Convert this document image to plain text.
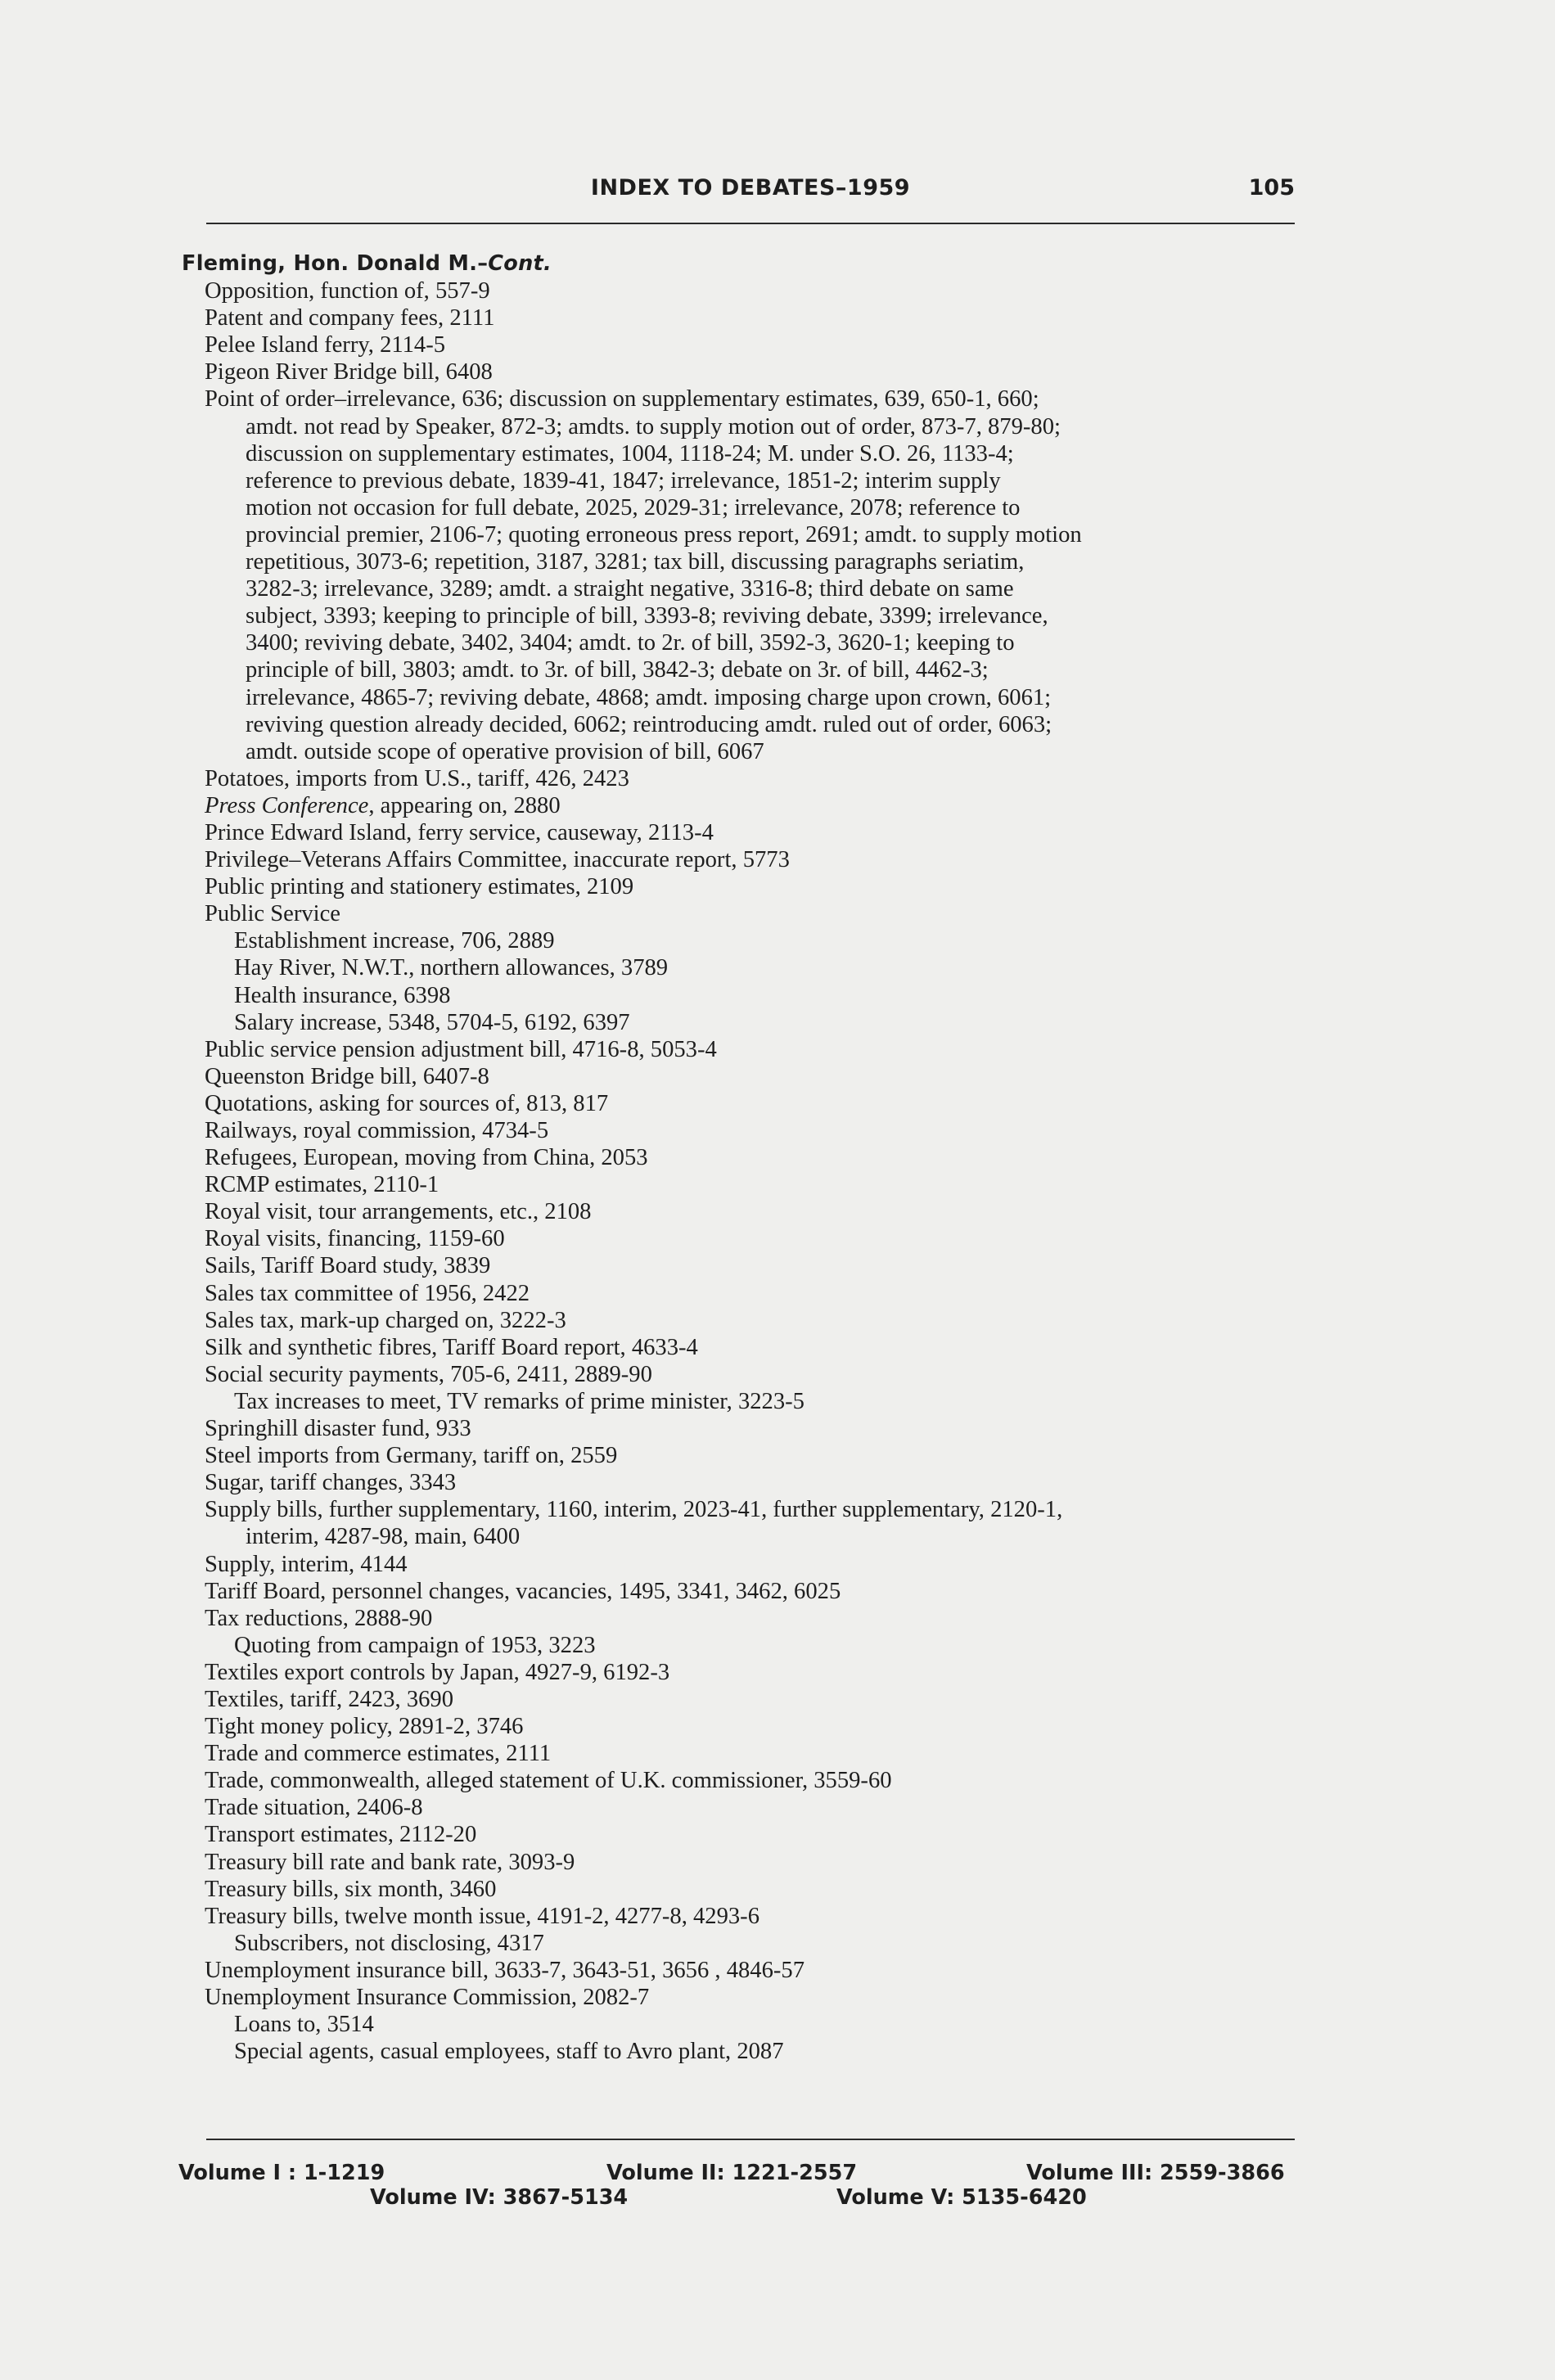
INDEX TO DEBATES–1959	105
Fleming, Hon. Donald M.–Cont.
Opposition, function of, 557-9
Patent and company fees, 2111
Pelee Island ferry, 2114-5
Pigeon River Bridge bill, 6408
Point of order–irrelevance, 636; discussion on supplementary estimates, 639, 650-1, 660;
amdt. not read by Speaker, 872-3; amdts. to supply motion out of order, 873-7, 879-80;
discussion on supplementary estimates, 1004, 1118-24; M. under S.O. 26, 1133-4;
reference to previous debate, 1839-41, 1847; irrelevance, 1851-2; interim supply
motion not occasion for full debate, 2025, 2029-31; irrelevance, 2078; reference to
provincial premier, 2106-7; quoting erroneous press report, 2691; amdt. to supply motion
repetitious, 3073-6; repetition, 3187, 3281; tax bill, discussing paragraphs seriatim,
3282-3; irrelevance, 3289; amdt. a straight negative, 3316-8; third debate on same
subject, 3393; keeping to principle of bill, 3393-8; reviving debate, 3399; irrelevance,
3400; reviving debate, 3402, 3404; amdt. to 2r. of bill, 3592-3, 3620-1; keeping to
principle of bill, 3803; amdt. to 3r. of bill, 3842-3; debate on 3r. of bill, 4462-3;
irrelevance, 4865-7; reviving debate, 4868; amdt. imposing charge upon crown, 6061;
reviving question already decided, 6062; reintroducing amdt. ruled out of order, 6063;
amdt. outside scope of operative provision of bill, 6067
Potatoes, imports from U.S., tariff, 426, 2423
Press Conference, appearing on, 2880
Prince Edward Island, ferry service, causeway, 2113-4
Privilege–Veterans Affairs Committee, inaccurate report, 5773
Public printing and stationery estimates, 2109
Public Service
Establishment increase, 706, 2889
Hay River, N.W.T., northern allowances, 3789
Health insurance, 6398
Salary increase, 5348, 5704-5, 6192, 6397
Public service pension adjustment bill, 4716-8, 5053-4
Queenston Bridge bill, 6407-8
Quotations, asking for sources of, 813, 817
Railways, royal commission, 4734-5
Refugees, European, moving from China, 2053
RCMP estimates, 2110-1
Royal visit, tour arrangements, etc., 2108
Royal visits, financing, 1159-60
Sails, Tariff Board study, 3839
Sales tax committee of 1956, 2422
Sales tax, mark-up charged on, 3222-3
Silk and synthetic fibres, Tariff Board report, 4633-4
Social security payments, 705-6, 2411, 2889-90
Tax increases to meet, TV remarks of prime minister, 3223-5
Springhill disaster fund, 933
Steel imports from Germany, tariff on, 2559
Sugar, tariff changes, 3343
Supply bills, further supplementary, 1160, interim, 2023-41, further supplementary, 2120-1,
interim, 4287-98, main, 6400
Supply, interim, 4144
Tariff Board, personnel changes, vacancies, 1495, 3341, 3462, 6025
Tax reductions, 2888-90
Quoting from campaign of 1953, 3223
Textiles export controls by Japan, 4927-9, 6192-3
Textiles, tariff, 2423, 3690
Tight money policy, 2891-2, 3746
Trade and commerce estimates, 2111
Trade, commonwealth, alleged statement of U.K. commissioner, 3559-60
Trade situation, 2406-8
Transport estimates, 2112-20
Treasury bill rate and bank rate, 3093-9
Treasury bills, six month, 3460
Treasury bills, twelve month issue, 4191-2, 4277-8, 4293-6
Subscribers, not disclosing, 4317
Unemployment insurance bill, 3633-7, 3643-51, 3656 , 4846-57
Unemployment Insurance Commission, 2082-7
Loans to, 3514
Special agents, casual employees, staff to Avro plant, 2087
Volume I : 1-1219	Volume II: 1221-2557	Volume III: 2559-3866
Volume IV: 3867-5134	Volume V: 5135-6420
